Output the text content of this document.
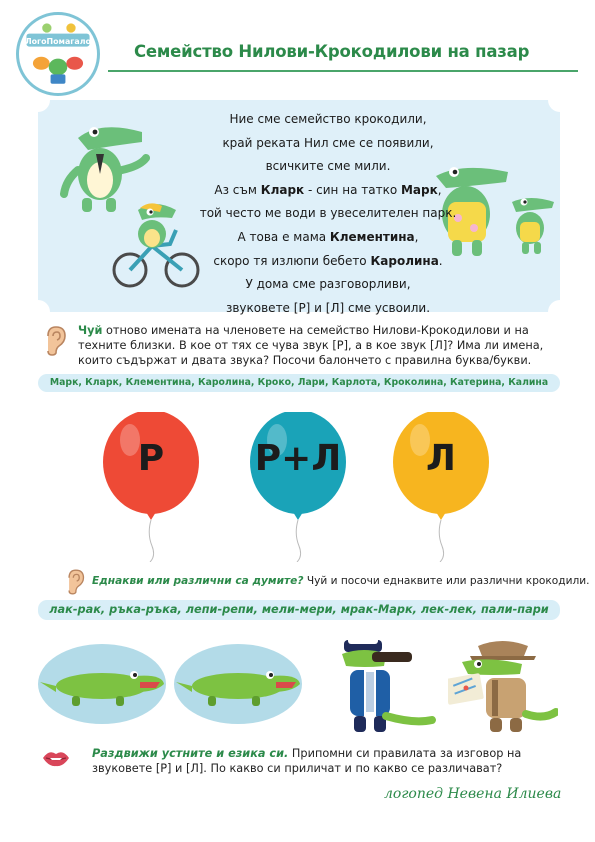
ЛогоПомагало
Семейство Нилови-Крокодилови на пазар
Ние сме семейство крокодили,
край реката Нил сме се появили,
всичките сме мили.
Аз съм Кларк - син на татко Марк,
той често ме води в увеселителен парк.
А това е мама Клементина,
скоро тя излюпи бебето Каролина.
У дома сме разговорливи,
звуковете [Р] и [Л] сме усвоили.
Чуй отново имената на членовете на семейство Нилови-Крокодилови и на техните близки. В кое от тях се чува звук [Р], а в кое звук [Л]? Има ли имена, които съдържат и двата звука? Посочи балончето с правилна буква/букви.
Марк, Кларк, Клементина, Каролина, Кроко, Лари, Карлота, Кроколина, Катерина, Калина
Р	Р+Л	Л
Еднакви или различни са думите? Чуй и посочи еднаквите или различни крокодили.
лак-рак, ръка-ръка, лепи-репи, мели-мери, мрак-Марк, лек-лек, пали-пари
Раздвижи устните и езика си. Припомни си правилата за изговор на звуковете [Р] и [Л]. По какво си приличат и по какво се различават?
логопед Невена Илиева
